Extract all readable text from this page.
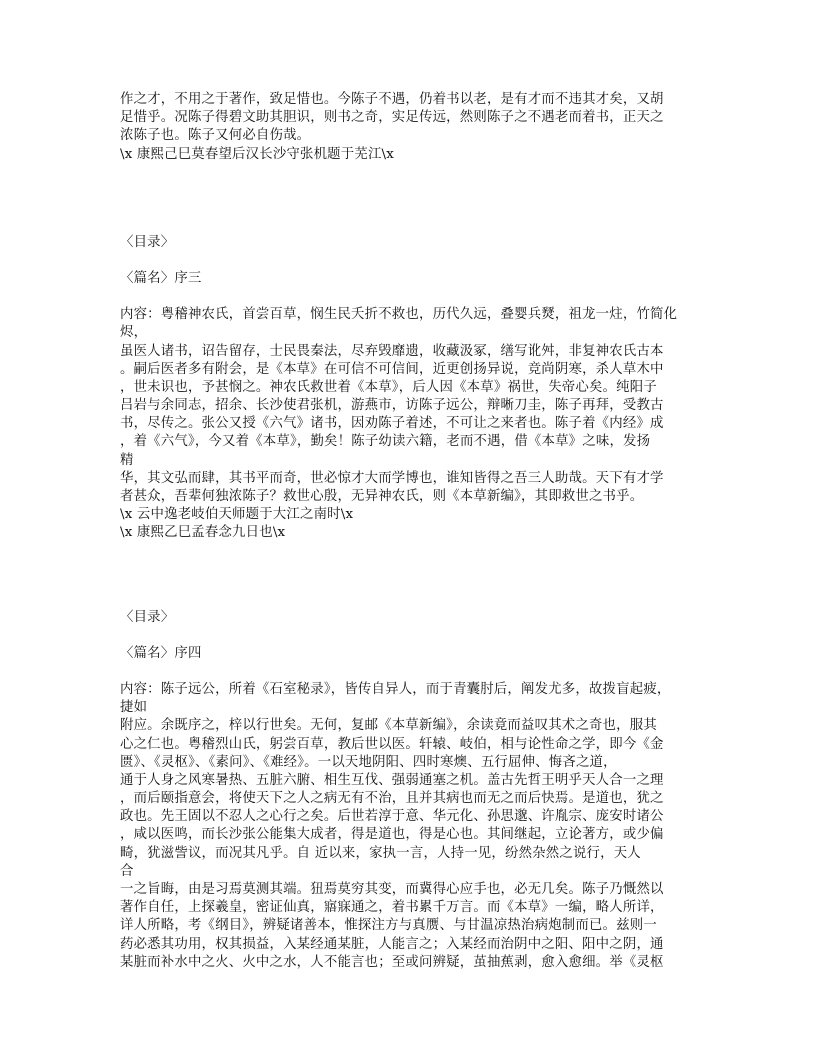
作之才，不用之于著作，致足惜也。今陈子不遇，仍着书以老，是有才而不违其才矣，又胡
足惜乎。况陈子得碧文助其胆识，则书之奇，实足传远，然则陈子之不遇老而着书，正天之
浓陈子也。陈子又何必自伤哉。
\x 康熙己巳莫春望后汉长沙守张机题于芜江\x
〈目录〉
〈篇名〉序三
内容：粤稽神农氏，首尝百草，悯生民夭折不救也，历代久远，叠婴兵燹，祖龙一炷，竹简化
烬，
虽医人诸书，诏告留存，士民畏秦法，尽弃毁靡遗，收藏汲冢，缮写讹舛，非复神农氏古本
。嗣后医者多有附会，是《本草》在可信不可信间，近更创扬异说，竞尚阴寒，杀人草木中
，世未识也，予甚悯之。神农氏救世着《本草》，后人因《本草》祸世，失帝心矣。纯阳子
吕岩与余同志，招余、长沙使君张机，游燕市，访陈子远公，辩晰刀圭，陈子再拜，受教古
书，尽传之。张公又授《六气》诸书，因劝陈子着述，不可让之来者也。陈子着《内经》成
，着《六气》，今又着《本草》，勤矣！陈子幼读六籍，老而不遇，借《本草》之味，发扬
精
华，其文弘而肆，其书平而奇，世必惊才大而学博也，谁知皆得之吾三人助哉。天下有才学
者甚众，吾辈何独浓陈子？救世心殷，无异神农氏，则《本草新编》，其即救世之书乎。
\x 云中逸老岐伯天师题于大江之南时\x
\x 康熙乙巳孟春念九日也\x
〈目录〉
〈篇名〉序四
内容：陈子远公，所着《石室秘录》，皆传自异人，而于青囊肘后，阐发尤多，故拨盲起疲，
捷如
附应。余既序之，梓以行世矣。无何，复邮《本草新编》，余读竟而益叹其术之奇也，服其
心之仁也。粤稽烈山氏，躬尝百草，教后世以医。轩辕、岐伯，相与论性命之学，即今《金
匮》、《灵枢》、《素问》、《难经》。一以天地阴阳、四时寒燠、五行屈伸、悔吝之道，
通于人身之风寒暑热、五脏六腑、相生互伐、强弱通塞之机。盖古先哲王明乎天人合一之理
，而后颐指意会，将使天下之人之病无有不治，且并其病也而无之而后快焉。是道也，犹之
政也。先王固以不忍人之心行之矣。后世若淳于意、华元化、孙思邈、许胤宗、庞安时诸公
，咸以医鸣，而长沙张公能集大成者，得是道也，得是心也。其间继起，立论著方，或少偏
畸，犹滋訾议，而况其凡乎。自 近以来，家执一言，人持一见，纷然杂然之说行，天人
合
一之旨晦，由是习焉莫测其端。狃焉莫穷其变，而冀得心应手也，必无几矣。陈子乃慨然以
著作自任，上探羲皇，密证仙真，寤寐通之，着书累千万言。而《本草》一编，略人所详，
详人所略，考《纲目》，辨疑诸善本，惟探注方与真赝、与甘温凉热治病炮制而已。兹则一
药必悉其功用，权其损益，入某经通某脏，人能言之；入某经而治阴中之阳、阳中之阴，通
某脏而补水中之火、火中之水，人不能言也；至或问辨疑，茧抽蕉剥，愈入愈细。举《灵枢
